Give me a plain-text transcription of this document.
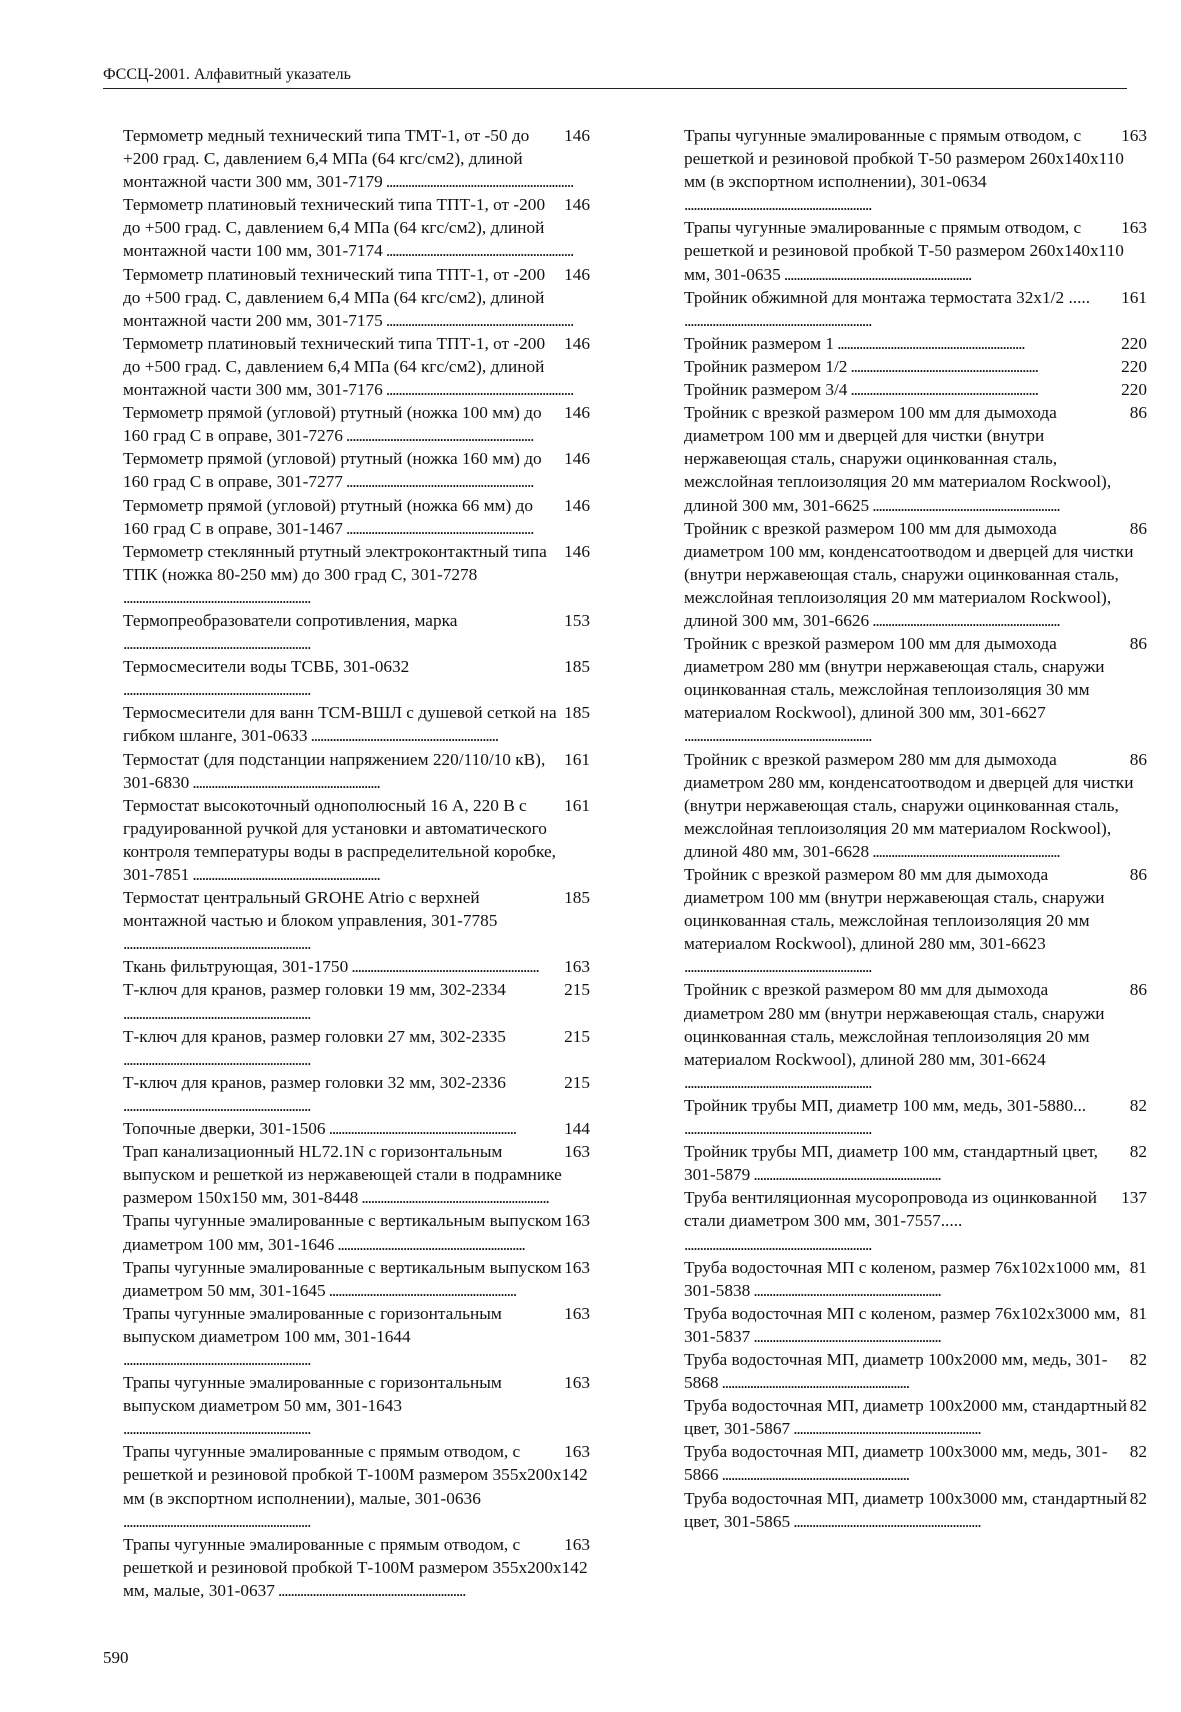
ФССЦ-2001. Алфавитный указатель
146
Термометр медный технический типа ТМТ-1, от -50 до +200 град. С, давлением 6,4 МПа (64 кгс/см2), длиной монтажной части 300 мм, 301-7179 ............................................................
146
Термометр платиновый технический типа ТПТ-1, от -200 до +500 град. С, давлением 6,4 МПа (64 кгс/см2), длиной монтажной части 100 мм, 301-7174 ............................................................
146
Термометр платиновый технический типа ТПТ-1, от -200 до +500 град. С, давлением 6,4 МПа (64 кгс/см2), длиной монтажной части 200 мм, 301-7175 ............................................................
146
Термометр платиновый технический типа ТПТ-1, от -200 до +500 град. С, давлением 6,4 МПа (64 кгс/см2), длиной монтажной части 300 мм, 301-7176 ............................................................
146
Термометр прямой (угловой) ртутный (ножка 100 мм) до 160 град С в оправе, 301-7276 ............................................................
146
Термометр прямой (угловой) ртутный (ножка 160 мм) до 160 град С в оправе, 301-7277 ............................................................
146
Термометр прямой (угловой) ртутный (ножка 66 мм) до 160 град С в оправе, 301-1467 ............................................................
146
Термометр стеклянный ртутный электроконтактный типа ТПК (ножка 80-250 мм) до 300 град С, 301-7278 ............................................................
153
Термопреобразователи сопротивления, марка ............................................................
185
Термосмесители воды ТСВБ, 301-0632 ............................................................
185
Термосмесители для ванн ТСМ-ВШЛ с душевой сеткой на гибком шланге, 301-0633 ............................................................
161
Термостат (для подстанции напряжением 220/110/10 кВ), 301-6830 ............................................................
161
Термостат высокоточный однополюсный 16 А, 220 В с градуированной ручкой для установки и автоматического контроля температуры воды в распределительной коробке, 301-7851 ............................................................
185
Термостат центральный GROHE Atrio с верхней монтажной частью и блоком управления, 301-7785 ............................................................
163
Ткань фильтрующая, 301-1750 ............................................................
215
Т-ключ для кранов, размер головки 19 мм, 302-2334 ............................................................
215
Т-ключ для кранов, размер головки 27 мм, 302-2335 ............................................................
215
Т-ключ для кранов, размер головки 32 мм, 302-2336 ............................................................
144
Топочные дверки, 301-1506 ............................................................
163
Трап канализационный HL72.1N с горизонтальным выпуском и решеткой из нержавеющей стали в подрамнике размером 150х150 мм, 301-8448 ............................................................
163
Трапы чугунные эмалированные с вертикальным выпуском диаметром 100 мм, 301-1646 ............................................................
163
Трапы чугунные эмалированные с вертикальным выпуском диаметром 50 мм, 301-1645 ............................................................
163
Трапы чугунные эмалированные с горизонтальным выпуском диаметром 100 мм, 301-1644 ............................................................
163
Трапы чугунные эмалированные с горизонтальным выпуском диаметром 50 мм, 301-1643 ............................................................
163
Трапы чугунные эмалированные с прямым отводом, с решеткой и резиновой пробкой Т-100М размером 355х200х142 мм (в экспортном исполнении), малые, 301-0636 ............................................................
163
Трапы чугунные эмалированные с прямым отводом, с решеткой и резиновой пробкой Т-100М размером 355х200х142 мм, малые, 301-0637 ............................................................
163
Трапы чугунные эмалированные с прямым отводом, с решеткой и резиновой пробкой Т-50 размером 260х140х110 мм (в экспортном исполнении), 301-0634 ............................................................
163
Трапы чугунные эмалированные с прямым отводом, с решеткой и резиновой пробкой Т-50 размером 260х140х110 мм, 301-0635 ............................................................
161
Тройник обжимной для монтажа термостата 32х1/2 ..... ............................................................
220
Тройник размером 1 ............................................................
220
Тройник размером 1/2 ............................................................
220
Тройник размером 3/4 ............................................................
86
Тройник с врезкой размером 100 мм для дымохода диаметром 100 мм и дверцей для чистки (внутри нержавеющая сталь, снаружи оцинкованная сталь, межслойная теплоизоляция 20 мм материалом Rockwool), длиной 300 мм, 301-6625 ............................................................
86
Тройник с врезкой размером 100 мм для дымохода диаметром 100 мм, конденсатоотводом и дверцей для чистки (внутри нержавеющая сталь, снаружи оцинкованная сталь, межслойная теплоизоляция 20 мм материалом Rockwool), длиной 300 мм, 301-6626 ............................................................
86
Тройник с врезкой размером 100 мм для дымохода диаметром 280 мм (внутри нержавеющая сталь, снаружи оцинкованная сталь, межслойная теплоизоляция 30 мм материалом Rockwool), длиной 300 мм, 301-6627 ............................................................
86
Тройник с врезкой размером 280 мм для дымохода диаметром 280 мм, конденсатоотводом и дверцей для чистки (внутри нержавеющая сталь, снаружи оцинкованная сталь, межслойная теплоизоляция 20 мм материалом Rockwool), длиной 480 мм, 301-6628 ............................................................
86
Тройник с врезкой размером 80 мм для дымохода диаметром 100 мм (внутри нержавеющая сталь, снаружи оцинкованная сталь, межслойная теплоизоляция 20 мм материалом Rockwool), длиной 280 мм, 301-6623 ............................................................
86
Тройник с врезкой размером 80 мм для дымохода диаметром 280 мм (внутри нержавеющая сталь, снаружи оцинкованная сталь, межслойная теплоизоляция 20 мм материалом Rockwool), длиной 280 мм, 301-6624 ............................................................
82
Тройник трубы МП, диаметр 100 мм, медь, 301-5880... ............................................................
82
Тройник трубы МП, диаметр 100 мм, стандартный цвет, 301-5879 ............................................................
137
Труба вентиляционная мусоропровода из оцинкованной стали диаметром 300 мм, 301-7557..... ............................................................
81
Труба водосточная МП с коленом, размер 76х102х1000 мм, 301-5838 ............................................................
81
Труба водосточная МП с коленом, размер 76х102х3000 мм, 301-5837 ............................................................
82
Труба водосточная МП, диаметр 100х2000 мм, медь, 301-5868 ............................................................
82
Труба водосточная МП, диаметр 100х2000 мм, стандартный цвет, 301-5867 ............................................................
82
Труба водосточная МП, диаметр 100х3000 мм, медь, 301-5866 ............................................................
82
Труба водосточная МП, диаметр 100х3000 мм, стандартный цвет, 301-5865 ............................................................
590
